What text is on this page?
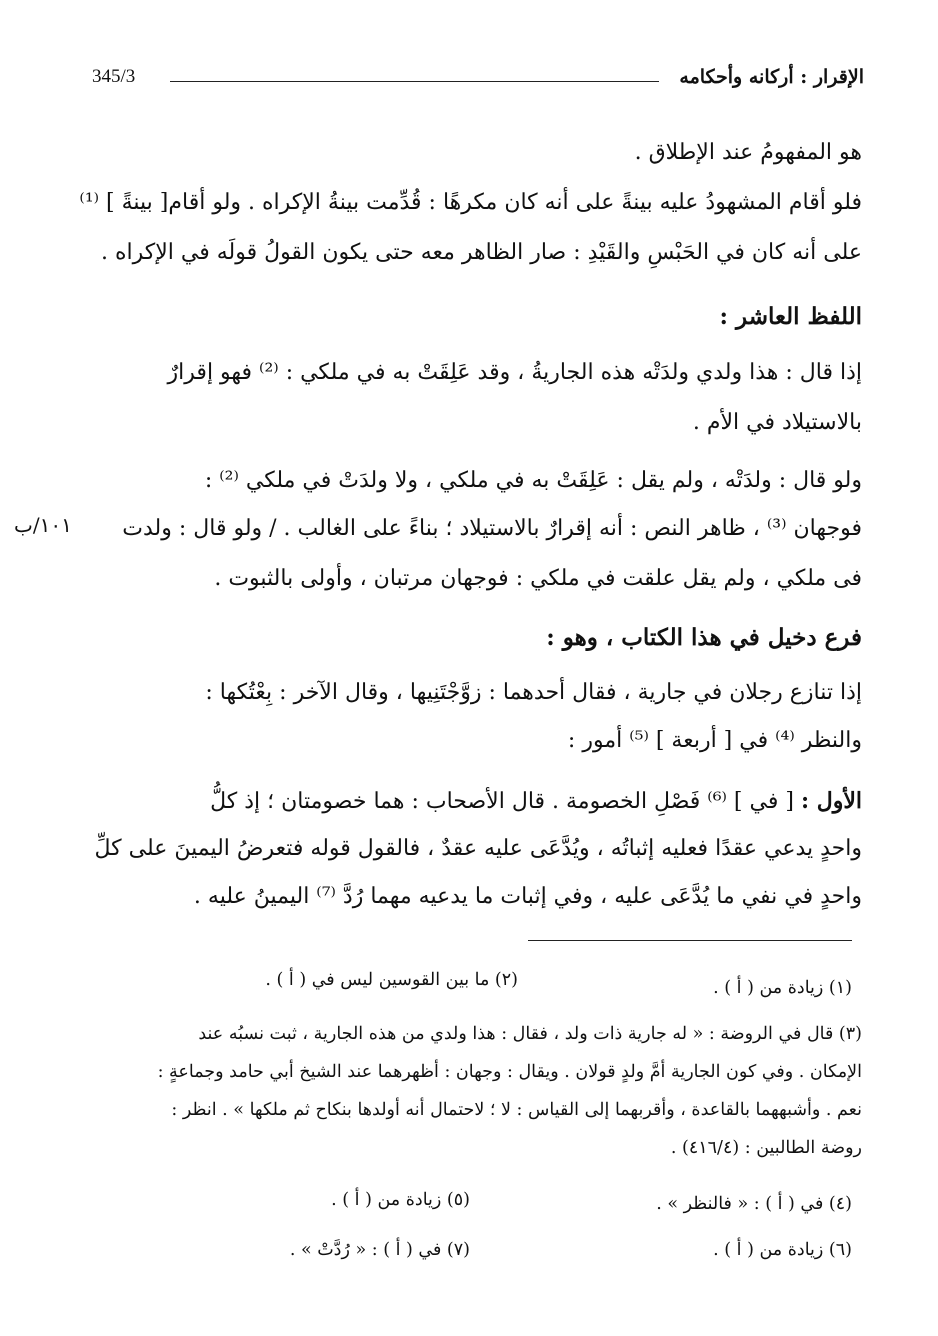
الإقرار : أركانه وأحكامه
345/3
هو المفهومُ عند الإطلاق .
فلو أقام المشهودُ عليه بينةً على أنه كان مكرهًا : قُدِّمت بينةُ الإكراه . ولو أقام[ بينةً ] ⁽¹⁾
على أنه كان في الحَبْسِ والقَيْدِ : صار الظاهر معه حتى يكون القولُ قولَه في الإكراه .
اللفظ العاشر :
إذا قال : هذا ولدي ولدَتْه هذه الجاريةُ ، وقد عَلِقَتْ به في ملكي : ⁽²⁾ فهو إقرارٌ
بالاستيلاد في الأم .
ولو قال : ولدَتْه ، ولم يقل : عَلِقَتْ به في ملكي ، ولا ولدَتْ في ملكي ⁽²⁾ :
فوجهان ⁽³⁾ ، ظاهر النص : أنه إقرارٌ بالاستيلاد ؛ بناءً على الغالب . / ولو قال : ولدت
فى ملكي ، ولم يقل علقت في ملكي : فوجهان مرتبان ، وأولى بالثبوت .
فرع دخيل في هذا الكتاب ، وهو :
إذا تنازع رجلان في جارية ، فقال أحدهما : زوَّجْتَنِيها ، وقال الآخر : بِعْتُكها :
والنظر ⁽⁴⁾ في [ أربعة ] ⁽⁵⁾ أمور :
الأول : [ في ] ⁽⁶⁾ فَصْلِ الخصومة . قال الأصحاب : هما خصومتان ؛ إذ كلُّ
واحدٍ يدعي عقدًا فعليه إثباتُه ، ويُدَّعَى عليه عقدٌ ، فالقول قوله فتعرضُ اليمينَ على كلِّ
واحدٍ في نفي ما يُدَّعَى عليه ، وفي إثبات ما يدعيه مهما رُدَّ ⁽⁷⁾ اليمينُ عليه .
١٠١/ب
(١) زيادة من ( أ ) .
(٢) ما بين القوسين ليس في ( أ ) .
(٣) قال في الروضة : « له جارية ذات ولد ، فقال : هذا ولدي من هذه الجارية ، ثبت نسبُه عند
الإمكان . وفي كون الجارية أمَّ ولدٍ قولان . ويقال : وجهان : أظهرهما عند الشيخ أبي حامد وجماعةٍ :
نعم . وأشبههما بالقاعدة ، وأقربهما إلى القياس : لا ؛ لاحتمال أنه أولدها بنكاح ثم ملكها » . انظر :
روضة الطالبين : (٤١٦/٤) .
(٤) في ( أ ) : « فالنظر » .
(٥) زيادة من ( أ ) .
(٦) زيادة من ( أ ) .
(٧) في ( أ ) : « رُدَّتْ » .
